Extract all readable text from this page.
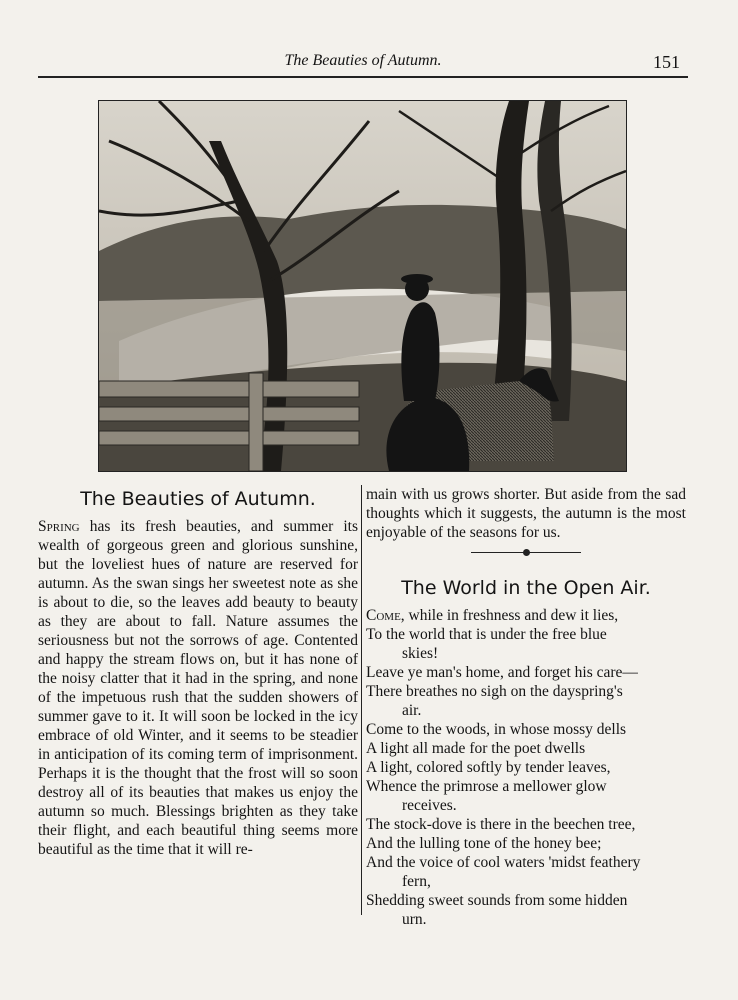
The Beauties of Autumn.	151
The Beauties of Autumn.

Spring has its fresh beauties, and summer its wealth of gorgeous green and glorious sunshine, but the loveliest hues of nature are reserved for autumn. As the swan sings her sweetest note as she is about to die, so the leaves add beauty to beauty as they are about to fall. Nature assumes the seriousness but not the sorrows of age. Contented and happy the stream flows on, but it has none of the noisy clatter that it had in the spring, and none of the impetuous rush that the sudden showers of summer gave to it. It will soon be locked in the icy embrace of old Winter, and it seems to be steadier in anticipation of its coming term of imprisonment. Perhaps it is the thought that the frost will so soon destroy all of its beauties that makes us enjoy the autumn so much. Blessings brighten as they take their flight, and each beautiful thing seems more beautiful as the time that it will re-

main with us grows shorter. But aside from the sad thoughts which it suggests, the autumn is the most enjoyable of the seasons for us.

The World in the Open Air.
Come, while in freshness and dew it lies,
To the world that is under the free blue
skies!
Leave ye man's home, and forget his care—
There breathes no sigh on the dayspring's
air.
Come to the woods, in whose mossy dells
A light all made for the poet dwells
A light, colored softly by tender leaves,
Whence the primrose a mellower glow
receives.
The stock-dove is there in the beechen tree,
And the lulling tone of the honey bee;
And the voice of cool waters 'midst feathery
fern,
Shedding sweet sounds from some hidden
urn.
